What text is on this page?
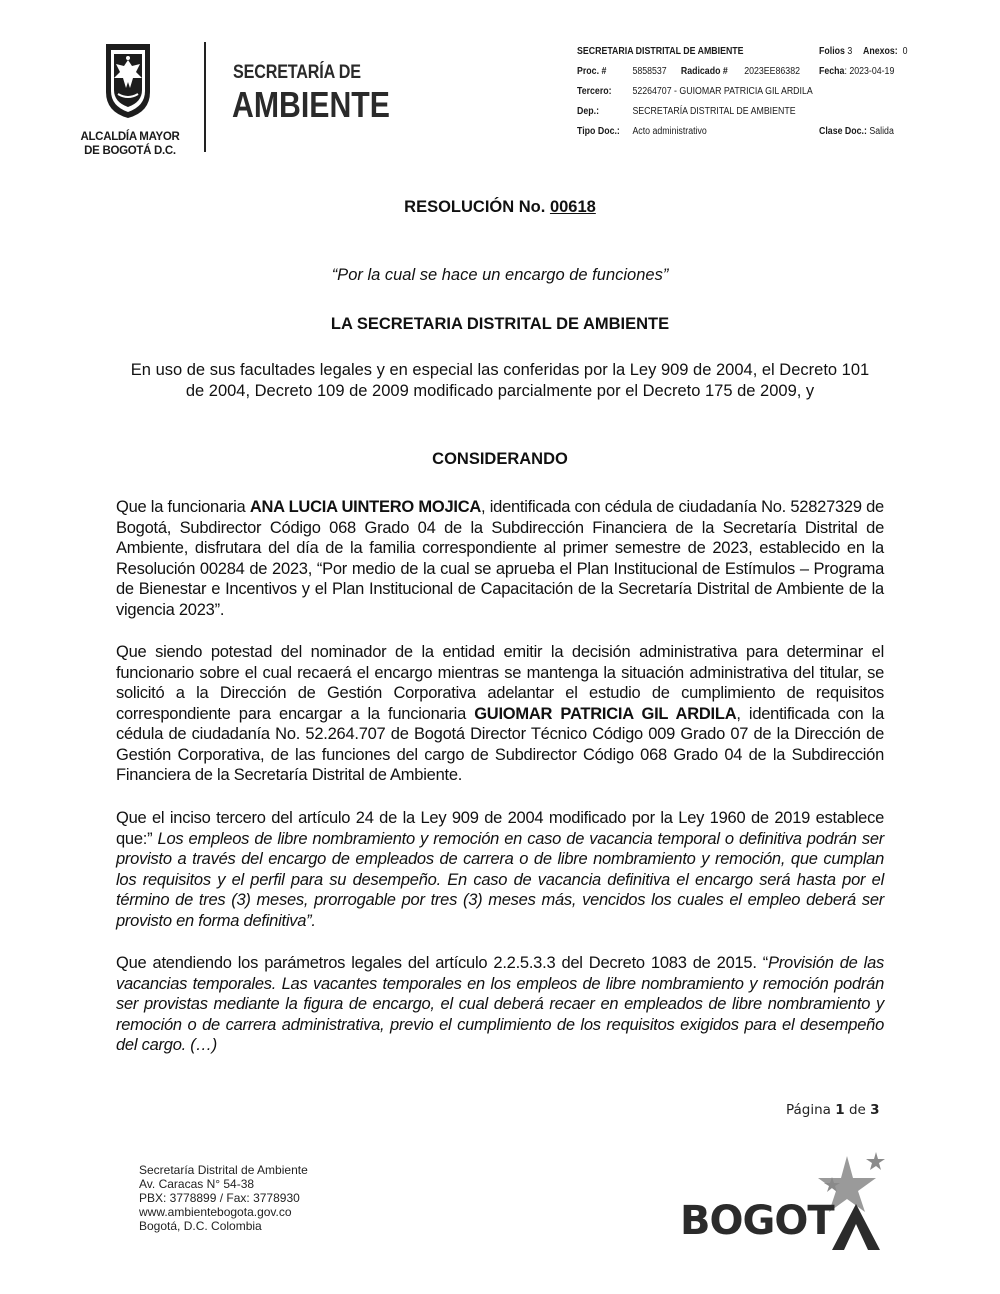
ALCALDÍA MAYOR
DE BOGOTÁ D.C.
SECRETARÍA DE
AMBIENTE
SECRETARIA DISTRITAL DE AMBIENTE	Folios 3 Anexos: 0
Proc. #	5858537 Radicado # 2023EE86382 Fecha: 2023-04-19
Tercero: 52264707 - GUIOMAR PATRICIA GIL ARDILA
Dep.:	SECRETARÍA DISTRITAL DE AMBIENTE
Tipo Doc.: Acto administrativo	Clase Doc.: Salida
RESOLUCIÓN No. 00618
“Por la cual se hace un encargo de funciones”
LA SECRETARIA DISTRITAL DE AMBIENTE
En uso de sus facultades legales y en especial las conferidas por la Ley 909 de 2004, el Decreto 101 de 2004, Decreto 109 de 2009 modificado parcialmente por el Decreto 175 de 2009, y
CONSIDERANDO
Que la funcionaria ANA LUCIA UINTERO MOJICA, identificada con cédula de ciudadanía No. 52827329 de Bogotá, Subdirector Código 068 Grado 04 de la Subdirección Financiera de la Secretaría Distrital de Ambiente, disfrutara del día de la familia correspondiente al primer semestre de 2023, establecido en la Resolución 00284 de 2023, “Por medio de la cual se aprueba el Plan Institucional de Estímulos – Programa de Bienestar e Incentivos y el Plan Institucional de Capacitación de la Secretaría Distrital de Ambiente de la vigencia 2023”.
Que siendo potestad del nominador de la entidad emitir la decisión administrativa para determinar el funcionario sobre el cual recaerá el encargo mientras se mantenga la situación administrativa del titular, se solicitó a la Dirección de Gestión Corporativa adelantar el estudio de cumplimiento de requisitos correspondiente para encargar a la funcionaria GUIOMAR PATRICIA GIL ARDILA, identificada con la cédula de ciudadanía No. 52.264.707 de Bogotá Director Técnico Código 009 Grado 07 de la Dirección de Gestión Corporativa, de las funciones del cargo de Subdirector Código 068 Grado 04 de la Subdirección Financiera de la Secretaría Distrital de Ambiente.
Que el inciso tercero del artículo 24 de la Ley 909 de 2004 modificado por la Ley 1960 de 2019 establece que:” Los empleos de libre nombramiento y remoción en caso de vacancia temporal o definitiva podrán ser provisto a través del encargo de empleados de carrera o de libre nombramiento y remoción, que cumplan los requisitos y el perfil para su desempeño. En caso de vacancia definitiva el encargo será hasta por el término de tres (3) meses, prorrogable por tres (3) meses más, vencidos los cuales el empleo deberá ser provisto en forma definitiva”.
Que atendiendo los parámetros legales del artículo 2.2.5.3.3 del Decreto 1083 de 2015. “Provisión de las vacancias temporales. Las vacantes temporales en los empleos de libre nombramiento y remoción podrán ser provistas mediante la figura de encargo, el cual deberá recaer en empleados de libre nombramiento y remoción o de carrera administrativa, previo el cumplimiento de los requisitos exigidos para el desempeño del cargo. (…)
Página 1 de 3
Secretaría Distrital de Ambiente
Av. Caracas N° 54-38
PBX: 3778899 / Fax: 3778930
www.ambientebogota.gov.co
Bogotá, D.C. Colombia	BOGOT
